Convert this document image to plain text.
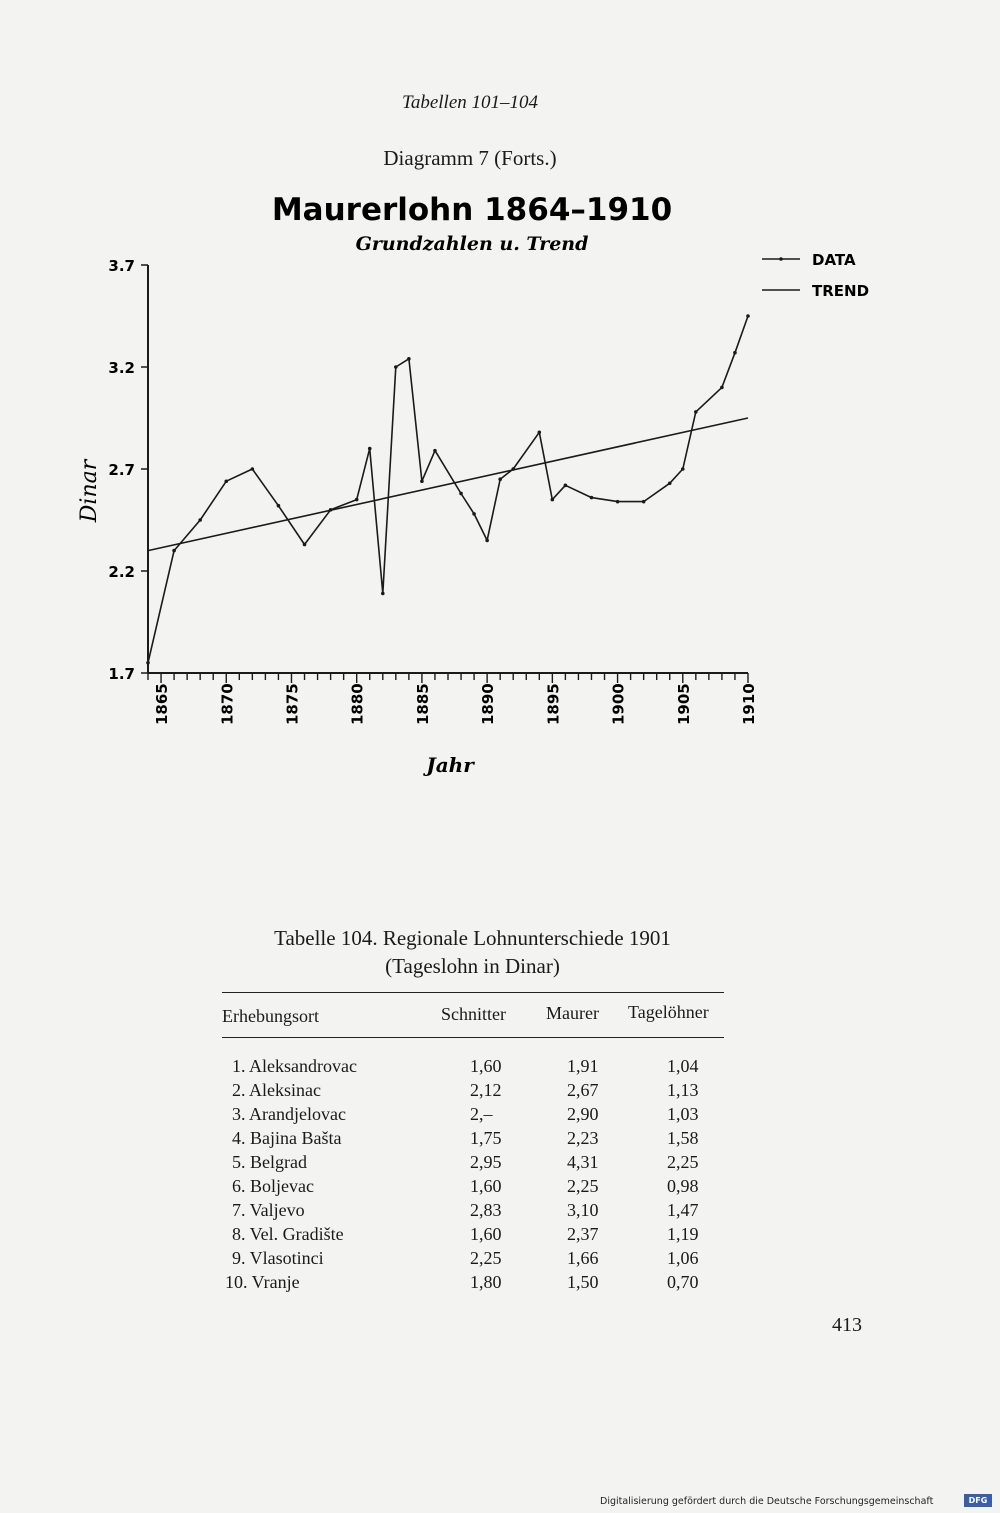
Tabellen 101–104
Diagramm 7 (Forts.)
Maurerlohn 1864–1910
Grundzahlen u. Trend
1.7
2.2
2.7
3.2
3.7
1865	1870	1875	1880	1885	1890	1895	1900	1905	1910
Dinar
Jahr
DATA
TREND
Tabelle 104. Regionale Lohnunterschiede 1901
(Tageslohn in Dinar)
Erhebungsort	Schnitter Maurer Tagelöhner
1. Aleksandrovac	1,60	1,91	1,04
2. Aleksinac	2,12	2,67	1,13
3. Arandjelovac	2,–	2,90	1,03
4. Bajina Bašta	1,75	2,23	1,58
5. Belgrad	2,95	4,31	2,25
6. Boljevac	1,60	2,25	0,98
7. Valjevo	2,83	3,10	1,47
8. Vel. Gradište	1,60	2,37	1,19
9. Vlasotinci	2,25	1,66	1,06
10. Vranje	1,80	1,50	0,70
413
Digitalisierung gefördert durch die Deutsche Forschungsgemeinschaft	DFG
